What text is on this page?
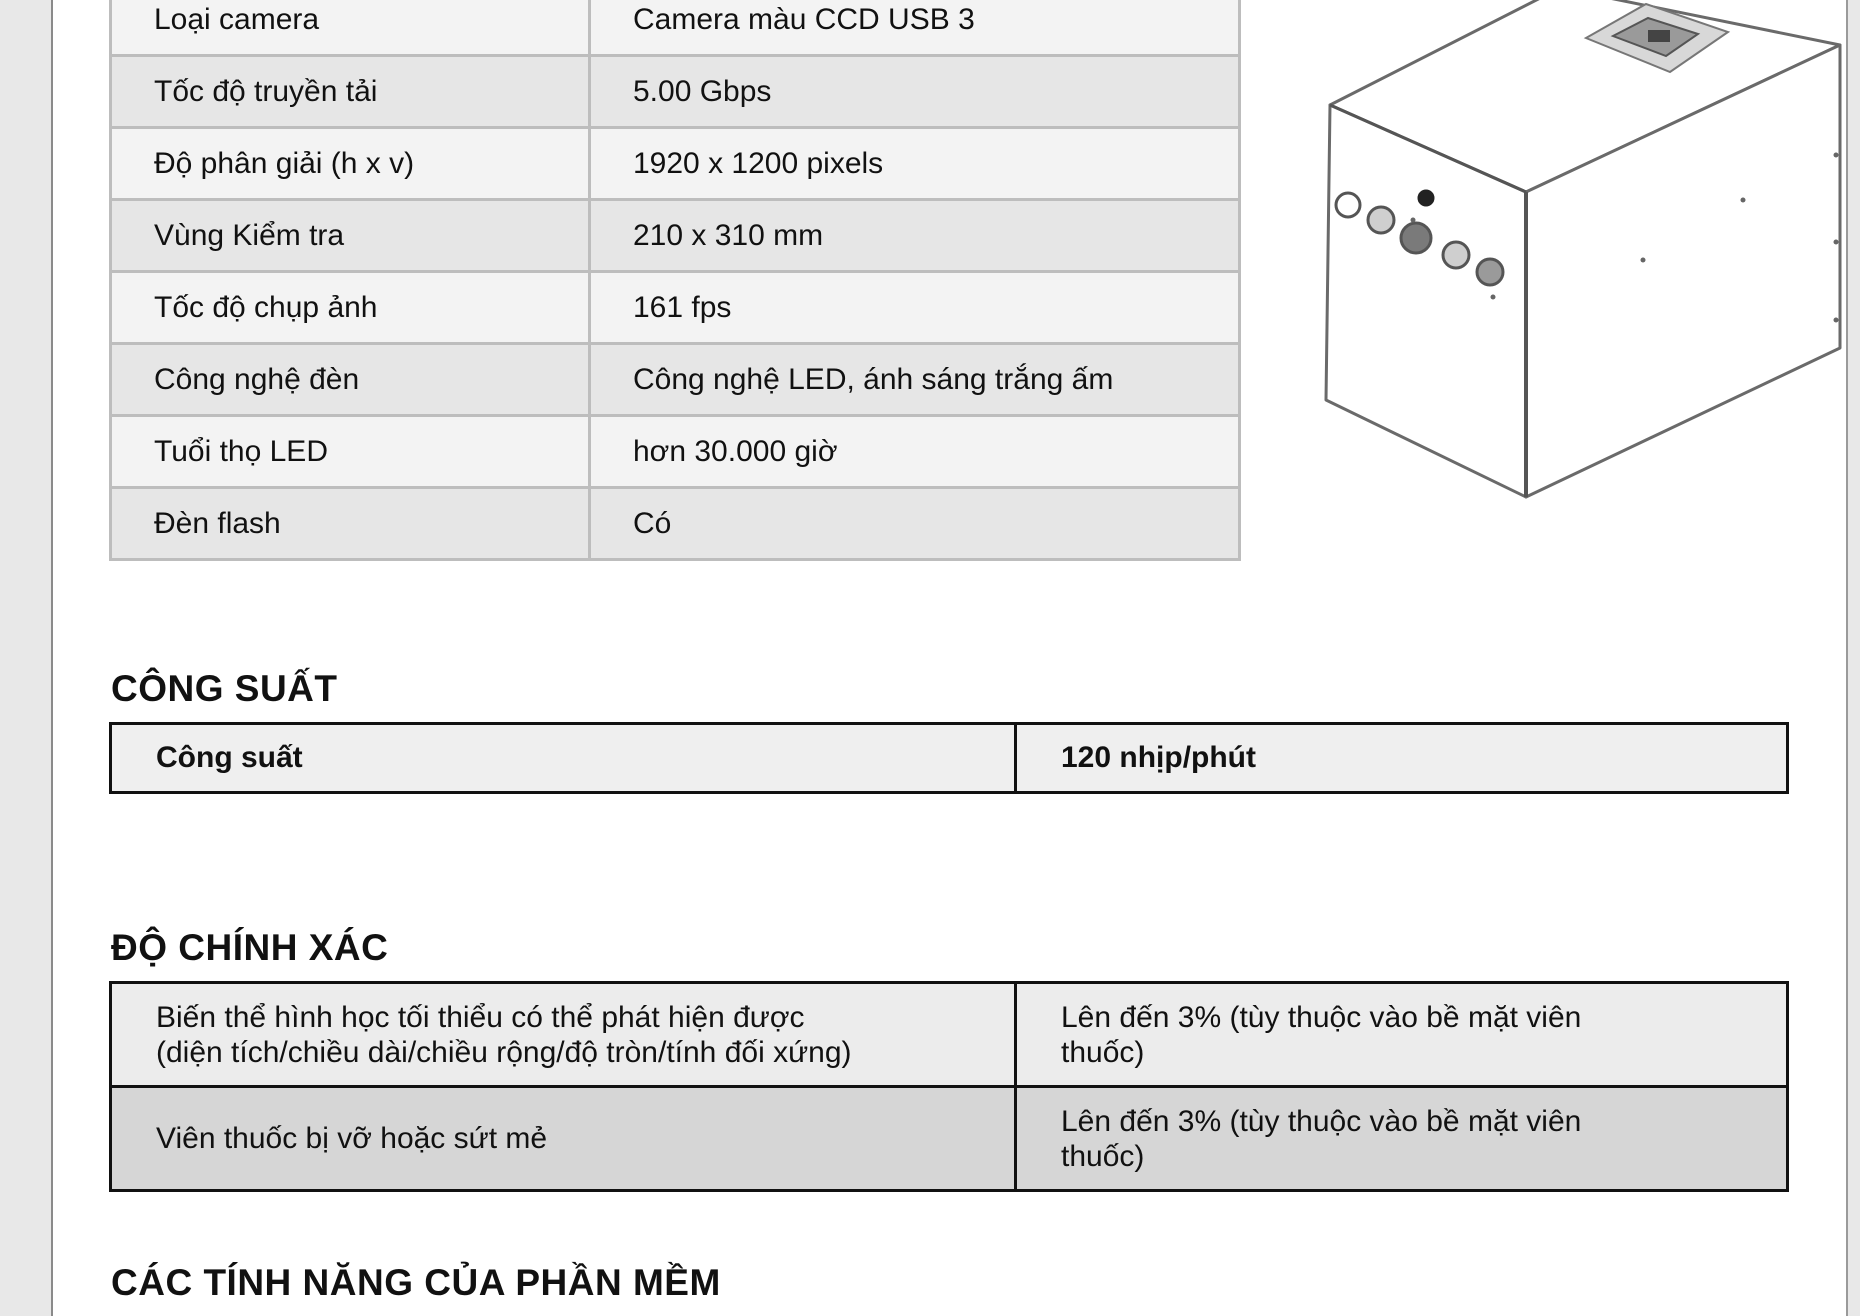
Loại camera	Camera màu CCD USB 3
Tốc độ truyền tải	5.00 Gbps
Độ phân giải (h x v)	1920 x 1200 pixels
Vùng Kiểm tra	210 x 310 mm
Tốc độ chụp ảnh	161 fps
Công nghệ đèn	Công nghệ LED, ánh sáng trắng ấm
Tuổi thọ LED	hơn 30.000 giờ
Đèn flash	Có
CÔNG SUẤT
Công suất	120 nhịp/phút
ĐỘ CHÍNH XÁC
Biến thể hình học tối thiểu có thể phát hiện được
(diện tích/chiều dài/chiều rộng/độ tròn/tính đối xứng)	Lên đến 3% (tùy thuộc vào bề mặt viên
thuốc)
Viên thuốc bị vỡ hoặc sứt mẻ	Lên đến 3% (tùy thuộc vào bề mặt viên
thuốc)
CÁC TÍNH NĂNG CỦA PHẦN MỀM
